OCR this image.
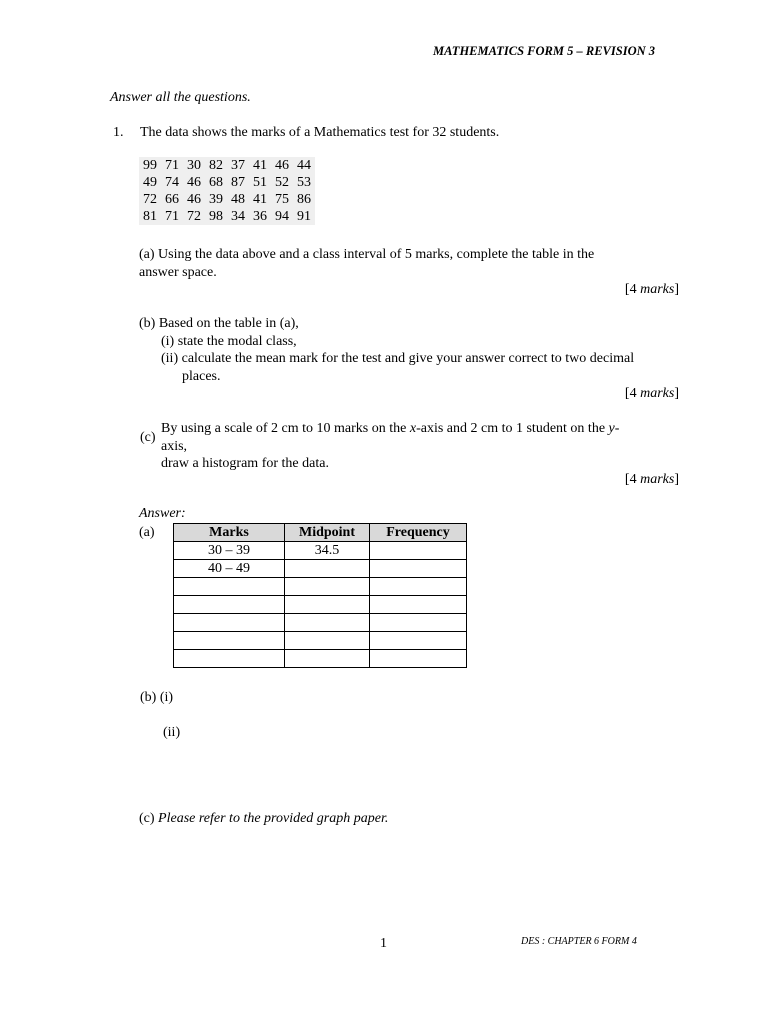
MATHEMATICS FORM 5 – REVISION 3
Answer all the questions.
1. The data shows the marks of a Mathematics test for 32 students.
99	71	30	82	37	41	46	44
49	74	46	68	87	51	52	53
72	66	46	39	48	41	75	86
81	71	72	98	34	36	94	91
(a) Using the data above and a class interval of 5 marks, complete the table in the
answer space.
[4 marks]
(b) Based on the table in (a),
(i) state the modal class,
(ii) calculate the mean mark for the test and give your answer correct to two decimal
places.
[4 marks]
(c)
By using a scale of 2 cm to 10 marks on the x-axis and 2 cm to 1 student on the y-
axis,
draw a histogram for the data.
[4 marks]
Answer:
(a)	Marks	Midpoint	Frequency
30 – 39	34.5	
40 – 49		

(b) (i)
(ii)
(c) Please refer to the provided graph paper.
1	DES : CHAPTER 6 FORM 4
